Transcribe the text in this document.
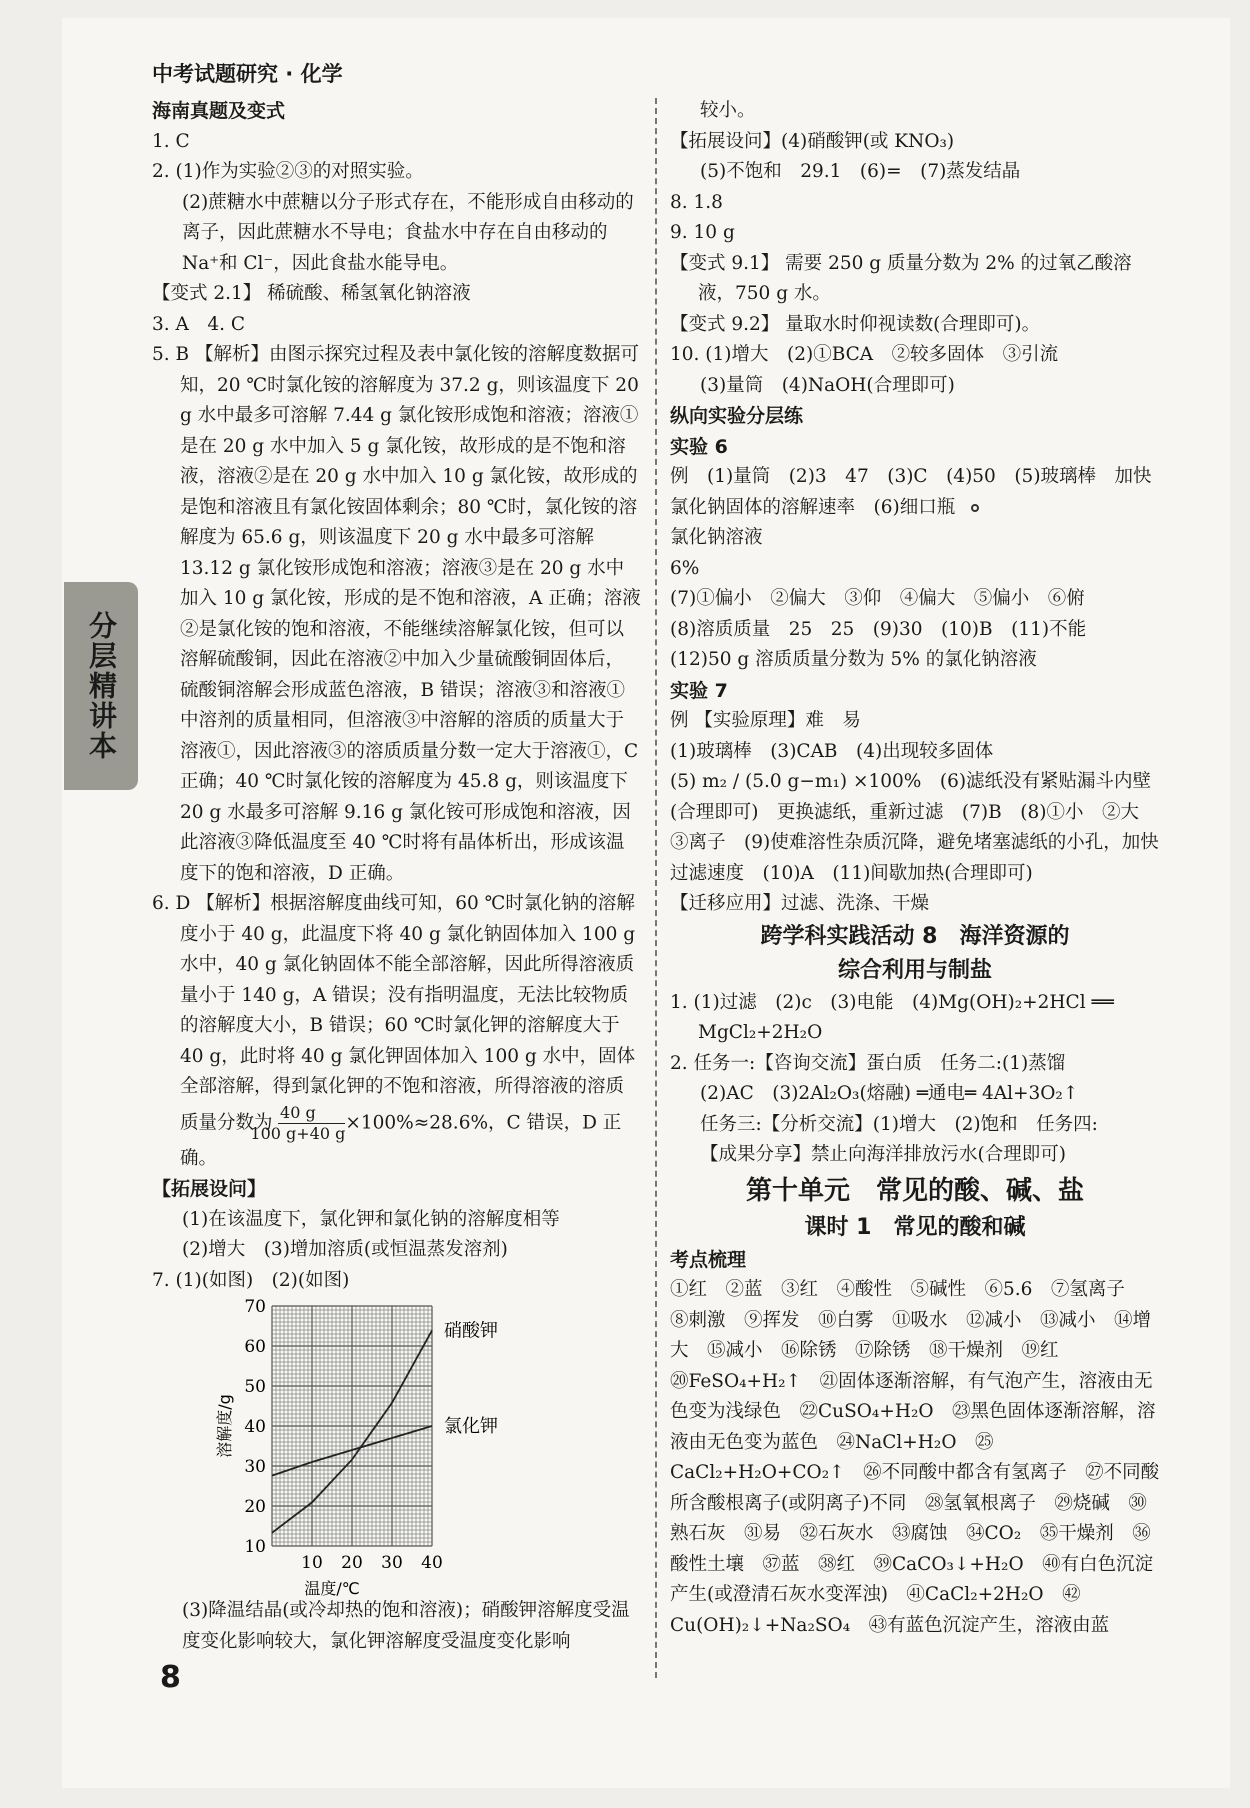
中考试题研究 · 化学
分层精讲本

海南真题及变式

1. C

2. (1)作为实验②③的对照实验。

(2)蔗糖水中蔗糖以分子形式存在，不能形成自由移动的离子，因此蔗糖水不导电；食盐水中存在自由移动的 Na⁺和 Cl⁻，因此食盐水能导电。

【变式 2.1】 稀硫酸、稀氢氧化钠溶液

3. A　4. C

5. B 【解析】由图示探究过程及表中氯化铵的溶解度数据可知，20 ℃时氯化铵的溶解度为 37.2 g，则该温度下 20 g 水中最多可溶解 7.44 g 氯化铵形成饱和溶液；溶液①是在 20 g 水中加入 5 g 氯化铵，故形成的是不饱和溶液，溶液②是在 20 g 水中加入 10 g 氯化铵，故形成的是饱和溶液且有氯化铵固体剩余；80 ℃时，氯化铵的溶解度为 65.6 g，则该温度下 20 g 水中最多可溶解 13.12 g 氯化铵形成饱和溶液；溶液③是在 20 g 水中加入 10 g 氯化铵，形成的是不饱和溶液，A 正确；溶液②是氯化铵的饱和溶液，不能继续溶解氯化铵，但可以溶解硫酸铜，因此在溶液②中加入少量硫酸铜固体后，硫酸铜溶解会形成蓝色溶液，B 错误；溶液③和溶液①中溶剂的质量相同，但溶液③中溶解的溶质的质量大于溶液①，因此溶液③的溶质质量分数一定大于溶液①，C 正确；40 ℃时氯化铵的溶解度为 45.8 g，则该温度下 20 g 水最多可溶解 9.16 g 氯化铵可形成饱和溶液，因此溶液③降低温度至 40 ℃时将有晶体析出，形成该温度下的饱和溶液，D 正确。

6. D 【解析】根据溶解度曲线可知，60 ℃时氯化钠的溶解度小于 40 g，此温度下将 40 g 氯化钠固体加入 100 g 水中，40 g 氯化钠固体不能全部溶解，因此所得溶液质量小于 140 g，A 错误；没有指明温度，无法比较物质的溶解度大小，B 错误；60 ℃时氯化钾的溶解度大于 40 g，此时将 40 g 氯化钾固体加入 100 g 水中，固体全部溶解，得到氯化钾的不饱和溶液，所得溶液的溶质质量分数为 $\frac{40 g}{100 g+40 g} \times 100\%\approx 28.6\%$，C 错误，D 正确。

【拓展设问】

(1)在该温度下，氯化钾和氯化钠的溶解度相等

(2)增大　(3)增加溶质(或恒温蒸发溶剂)

7. (1)(如图)　(2)(如图)

10
20
30
40
50
60
70
10 20 30 40
溶解度/g
温度/℃
硝酸钾
氯化钾

(3)降温结晶(或冷却热的饱和溶液)；硝酸钾溶解度受温度变化影响较大，氯化钾溶解度受温度变化影响

较小。

【拓展设问】(4)硝酸钾(或 KNO₃)

(5)不饱和　29.1　(6)=　(7)蒸发结晶

8. 1.8

9. 10 g

【变式 9.1】 需要 250 g 质量分数为 2% 的过氧乙酸溶液，750 g 水。

【变式 9.2】 量取水时仰视读数(合理即可)。

10. (1)增大　(2)①BCA　②较多固体　③引流

(3)量筒　(4)NaOH(合理即可)

纵向实验分层练

实验 6

例　(1)量筒　(2)3　47　(3)C　(4)50　(5)玻璃棒　加快氯化钠固体的溶解速率　(6)细口瓶

氯化钠溶液
6%

(7)①偏小　②偏大　③仰　④偏大　⑤偏小　⑥俯

(8)溶质质量　25　25　(9)30　(10)B　(11)不能

(12)50 g 溶质质量分数为 5% 的氯化钠溶液

实验 7

例 【实验原理】难　易

(1)玻璃棒　(3)CAB　(4)出现较多固体

(5) m₂ / (5.0 g−m₁) ×100%　(6)滤纸没有紧贴漏斗内壁(合理即可)　更换滤纸，重新过滤　(7)B　(8)①小　②大　③离子　(9)使难溶性杂质沉降，避免堵塞滤纸的小孔，加快过滤速度　(10)A　(11)间歇加热(合理即可)

【迁移应用】过滤、洗涤、干燥

跨学科实践活动 8　海洋资源的

综合利用与制盐

1. (1)过滤　(2)c　(3)电能　(4)Mg(OH)₂+2HCl ══ MgCl₂+2H₂O

2. 任务一:【咨询交流】蛋白质　任务二:(1)蒸馏

(2)AC　(3)2Al₂O₃(熔融) ═通电═ 4Al+3O₂↑

任务三:【分析交流】(1)增大　(2)饱和　任务四:

【成果分享】禁止向海洋排放污水(合理即可)

第十单元　常见的酸、碱、盐

课时 1　常见的酸和碱

考点梳理

①红　②蓝　③红　④酸性　⑤碱性　⑥5.6　⑦氢离子　⑧刺激　⑨挥发　⑩白雾　⑪吸水　⑫减小　⑬减小　⑭增大　⑮减小　⑯除锈　⑰除锈　⑱干燥剂　⑲红　⑳FeSO₄+H₂↑　㉑固体逐渐溶解，有气泡产生，溶液由无色变为浅绿色　㉒CuSO₄+H₂O　㉓黑色固体逐渐溶解，溶液由无色变为蓝色　㉔NaCl+H₂O　㉕CaCl₂+H₂O+CO₂↑　㉖不同酸中都含有氢离子　㉗不同酸所含酸根离子(或阴离子)不同　㉘氢氧根离子　㉙烧碱　㉚熟石灰　㉛易　㉜石灰水　㉝腐蚀　㉞CO₂　㉟干燥剂　㊱酸性土壤　㊲蓝　㊳红　㊴CaCO₃↓+H₂O　㊵有白色沉淀产生(或澄清石灰水变浑浊)　㊶CaCl₂+2H₂O　㊷Cu(OH)₂↓+Na₂SO₄　㊸有蓝色沉淀产生，溶液由蓝

8
